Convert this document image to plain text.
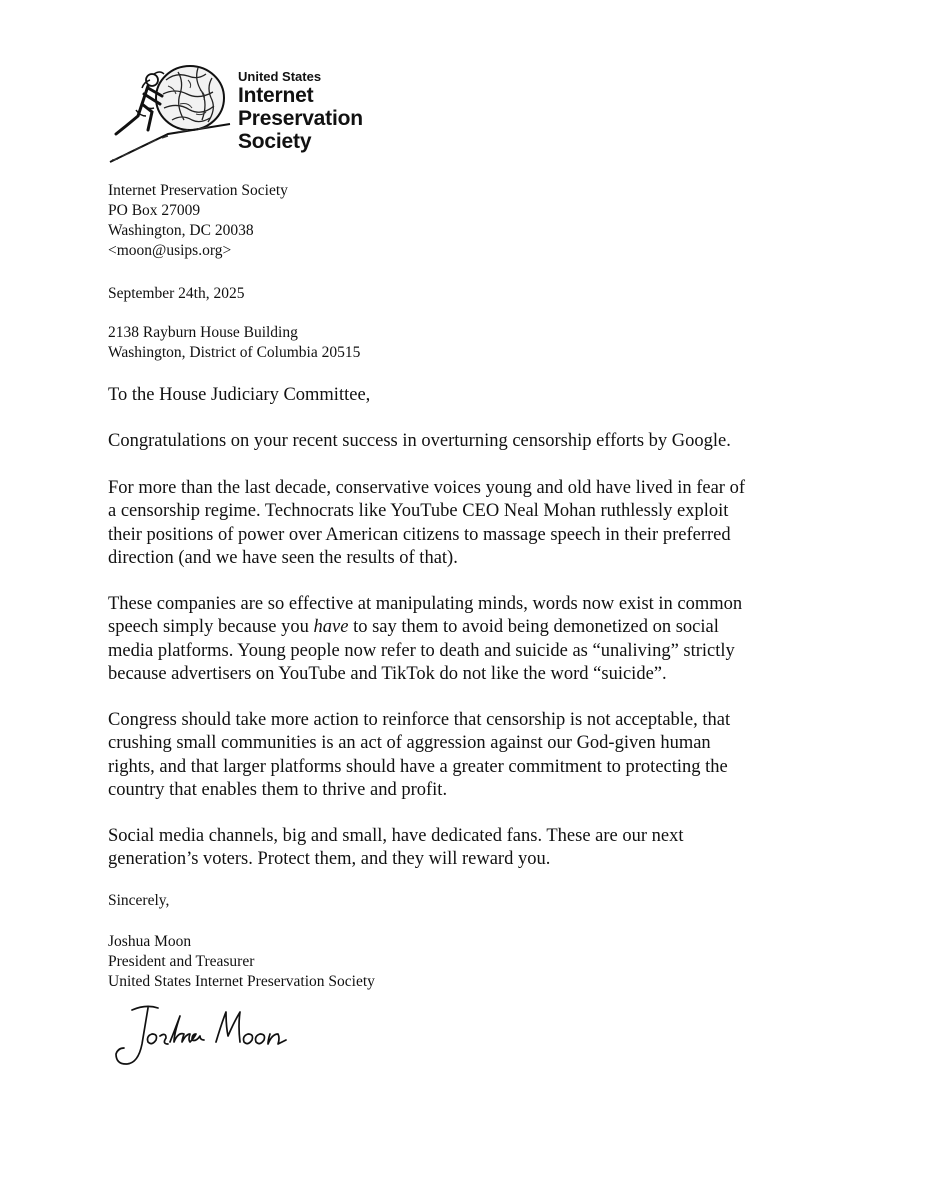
United States
Internet
Preservation
Society
Internet Preservation Society
PO Box 27009
Washington, DC 20038
<moon@usips.org>
September 24th, 2025
2138 Rayburn House Building
Washington, District of Columbia 20515
To the House Judiciary Committee,
Congratulations on your recent success in overturning censorship efforts by Google.
For more than the last decade, conservative voices young and old have lived in fear of
a censorship regime. Technocrats like YouTube CEO Neal Mohan ruthlessly exploit
their positions of power over American citizens to massage speech in their preferred
direction (and we have seen the results of that).
These companies are so effective at manipulating minds, words now exist in common
speech simply because you have to say them to avoid being demonetized on social
media platforms. Young people now refer to death and suicide as “unaliving” strictly
because advertisers on YouTube and TikTok do not like the word “suicide”.
Congress should take more action to reinforce that censorship is not acceptable, that
crushing small communities is an act of aggression against our God-given human
rights, and that larger platforms should have a greater commitment to protecting the
country that enables them to thrive and profit.
Social media channels, big and small, have dedicated fans. These are our next
generation’s voters. Protect them, and they will reward you.
Sincerely,
Joshua Moon
President and Treasurer
United States Internet Preservation Society
